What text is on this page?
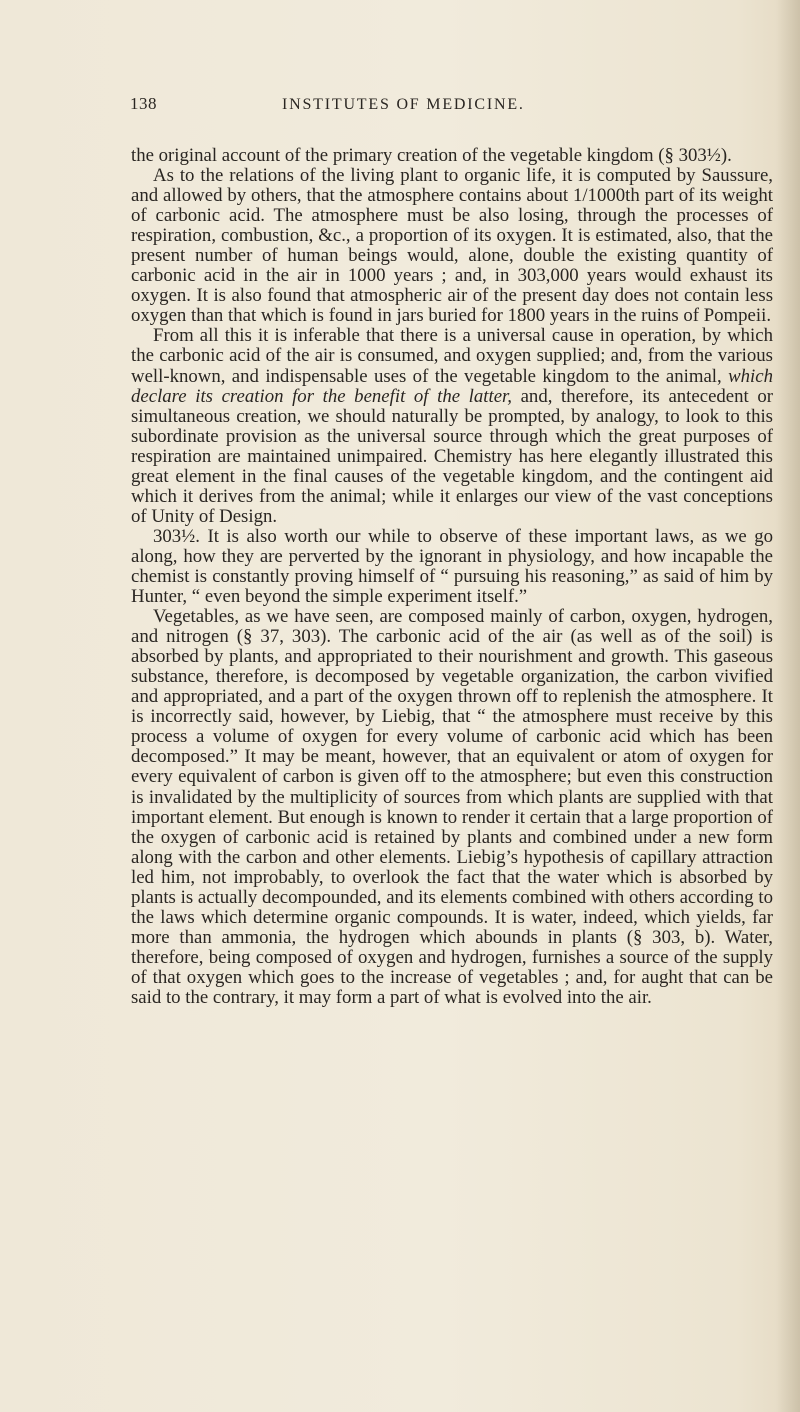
138	INSTITUTES OF MEDICINE.

the original account of the primary creation of the vegetable kingdom (§ 303½).

As to the relations of the living plant to organic life, it is computed by Saussure, and allowed by others, that the atmosphere contains about 1/1000th part of its weight of carbonic acid. The atmosphere must be also losing, through the processes of respiration, combustion, &c., a proportion of its oxygen. It is estimated, also, that the present number of human beings would, alone, double the existing quantity of carbonic acid in the air in 1000 years ; and, in 303,000 years would exhaust its oxygen. It is also found that atmospheric air of the present day does not contain less oxygen than that which is found in jars buried for 1800 years in the ruins of Pompeii.

From all this it is inferable that there is a universal cause in operation, by which the carbonic acid of the air is consumed, and oxygen supplied; and, from the various well-known, and indispensable uses of the vegetable kingdom to the animal, which declare its creation for the benefit of the latter, and, therefore, its antecedent or simultaneous creation, we should naturally be prompted, by analogy, to look to this subordinate provision as the universal source through which the great purposes of respiration are maintained unimpaired. Chemistry has here elegantly illustrated this great element in the final causes of the vegetable kingdom, and the contingent aid which it derives from the animal; while it enlarges our view of the vast conceptions of Unity of Design.

303½. It is also worth our while to observe of these important laws, as we go along, how they are perverted by the ignorant in physiology, and how incapable the chemist is constantly proving himself of “ pursuing his reasoning,” as said of him by Hunter, “ even beyond the simple experiment itself.”

Vegetables, as we have seen, are composed mainly of carbon, oxygen, hydrogen, and nitrogen (§ 37, 303). The carbonic acid of the air (as well as of the soil) is absorbed by plants, and appropriated to their nourishment and growth. This gaseous substance, therefore, is decomposed by vegetable organization, the carbon vivified and appropriated, and a part of the oxygen thrown off to replenish the atmosphere. It is incorrectly said, however, by Liebig, that “ the atmosphere must receive by this process a volume of oxygen for every volume of carbonic acid which has been decomposed.” It may be meant, however, that an equivalent or atom of oxygen for every equivalent of carbon is given off to the atmosphere; but even this construction is invalidated by the multiplicity of sources from which plants are supplied with that important element. But enough is known to render it certain that a large proportion of the oxygen of carbonic acid is retained by plants and combined under a new form along with the carbon and other elements. Liebig’s hypothesis of capillary attraction led him, not improbably, to overlook the fact that the water which is absorbed by plants is actually decompounded, and its elements combined with others according to the laws which determine organic compounds. It is water, indeed, which yields, far more than ammonia, the hydrogen which abounds in plants (§ 303, b). Water, therefore, being composed of oxygen and hydrogen, furnishes a source of the supply of that oxygen which goes to the increase of vegetables ; and, for aught that can be said to the contrary, it may form a part of what is evolved into the air.
